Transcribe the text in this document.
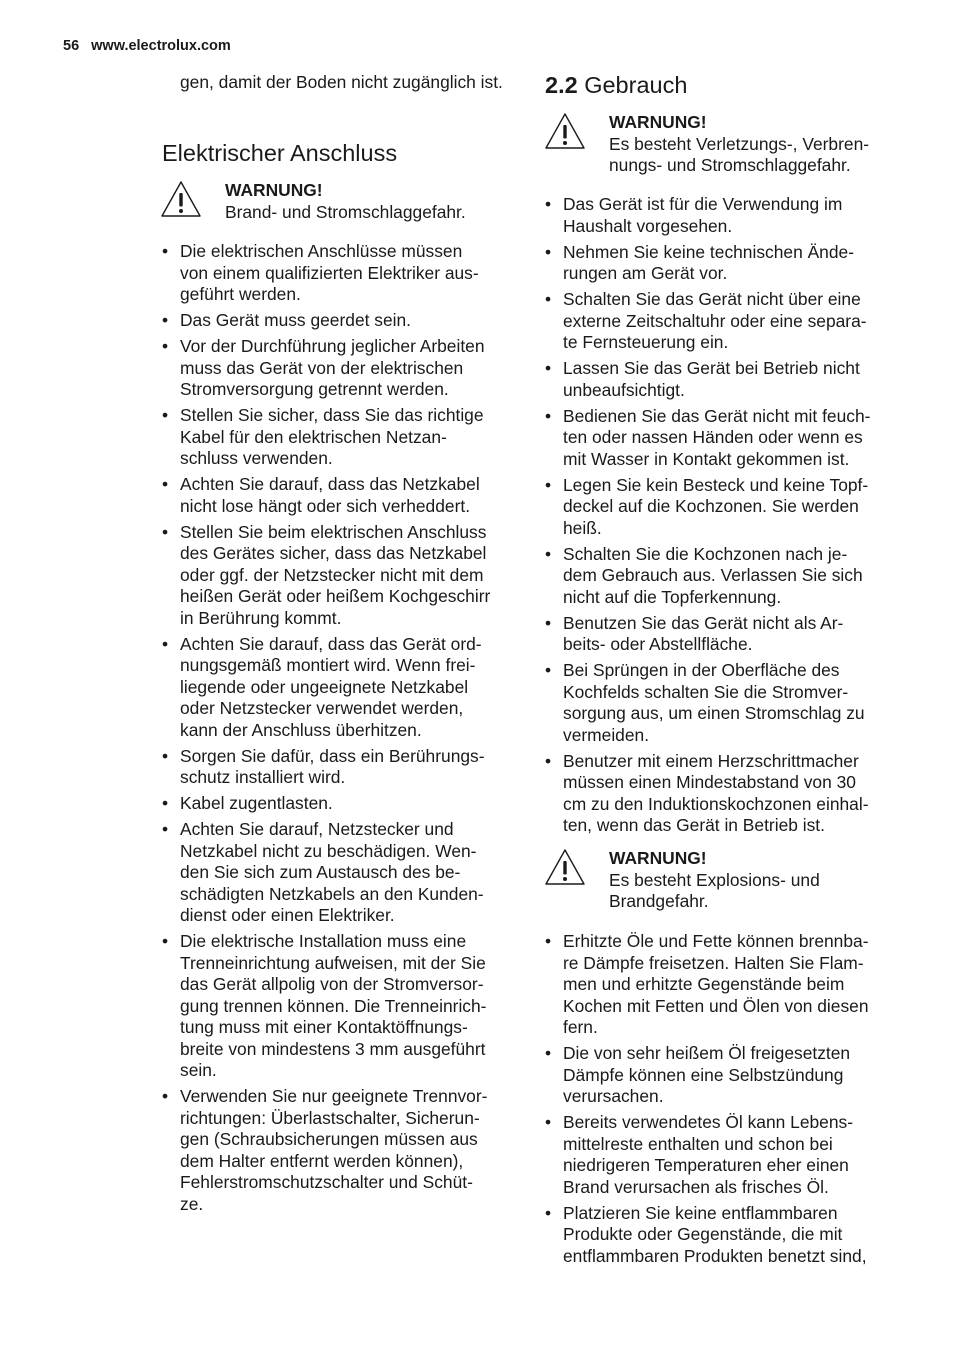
56 www.electrolux.com

gen, damit der Boden nicht zugänglich ist.

Elektrischer Anschluss
WARNUNG!
Brand- und Stromschlaggefahr.
• Die elektrischen Anschlüsse müssen
von einem qualifizierten Elektriker aus-
geführt werden.
• Das Gerät muss geerdet sein.
• Vor der Durchführung jeglicher Arbeiten
muss das Gerät von der elektrischen
Stromversorgung getrennt werden.
• Stellen Sie sicher, dass Sie das richtige
Kabel für den elektrischen Netzan-
schluss verwenden.
• Achten Sie darauf, dass das Netzkabel
nicht lose hängt oder sich verheddert.
• Stellen Sie beim elektrischen Anschluss
des Gerätes sicher, dass das Netzkabel
oder ggf. der Netzstecker nicht mit dem
heißen Gerät oder heißem Kochgeschirr
in Berührung kommt.
• Achten Sie darauf, dass das Gerät ord-
nungsgemäß montiert wird. Wenn frei-
liegende oder ungeeignete Netzkabel
oder Netzstecker verwendet werden,
kann der Anschluss überhitzen.
• Sorgen Sie dafür, dass ein Berührungs-
schutz installiert wird.
• Kabel zugentlasten.
• Achten Sie darauf, Netzstecker und
Netzkabel nicht zu beschädigen. Wen-
den Sie sich zum Austausch des be-
schädigten Netzkabels an den Kunden-
dienst oder einen Elektriker.
• Die elektrische Installation muss eine
Trenneinrichtung aufweisen, mit der Sie
das Gerät allpolig von der Stromversor-
gung trennen können. Die Trenneinrich-
tung muss mit einer Kontaktöffnungs-
breite von mindestens 3 mm ausgeführt
sein.
• Verwenden Sie nur geeignete Trennvor-
richtungen: Überlastschalter, Sicherun-
gen (Schraubsicherungen müssen aus
dem Halter entfernt werden können),
Fehlerstromschutzschalter und Schüt-
ze.
2.2 Gebrauch
WARNUNG!
Es besteht Verletzungs-, Verbren-
nungs- und Stromschlaggefahr.
• Das Gerät ist für die Verwendung im
Haushalt vorgesehen.
• Nehmen Sie keine technischen Ände-
rungen am Gerät vor.
• Schalten Sie das Gerät nicht über eine
externe Zeitschaltuhr oder eine separa-
te Fernsteuerung ein.
• Lassen Sie das Gerät bei Betrieb nicht
unbeaufsichtigt.
• Bedienen Sie das Gerät nicht mit feuch-
ten oder nassen Händen oder wenn es
mit Wasser in Kontakt gekommen ist.
• Legen Sie kein Besteck und keine Topf-
deckel auf die Kochzonen. Sie werden
heiß.
• Schalten Sie die Kochzonen nach je-
dem Gebrauch aus. Verlassen Sie sich
nicht auf die Topferkennung.
• Benutzen Sie das Gerät nicht als Ar-
beits- oder Abstellfläche.
• Bei Sprüngen in der Oberfläche des
Kochfelds schalten Sie die Stromver-
sorgung aus, um einen Stromschlag zu
vermeiden.
• Benutzer mit einem Herzschrittmacher
müssen einen Mindestabstand von 30
cm zu den Induktionskochzonen einhal-
ten, wenn das Gerät in Betrieb ist.
WARNUNG!
Es besteht Explosions- und
Brandgefahr.
• Erhitzte Öle und Fette können brennba-
re Dämpfe freisetzen. Halten Sie Flam-
men und erhitzte Gegenstände beim
Kochen mit Fetten und Ölen von diesen
fern.
• Die von sehr heißem Öl freigesetzten
Dämpfe können eine Selbstzündung
verursachen.
• Bereits verwendetes Öl kann Lebens-
mittelreste enthalten und schon bei
niedrigeren Temperaturen eher einen
Brand verursachen als frisches Öl.
• Platzieren Sie keine entflammbaren
Produkte oder Gegenstände, die mit
entflammbaren Produkten benetzt sind,
